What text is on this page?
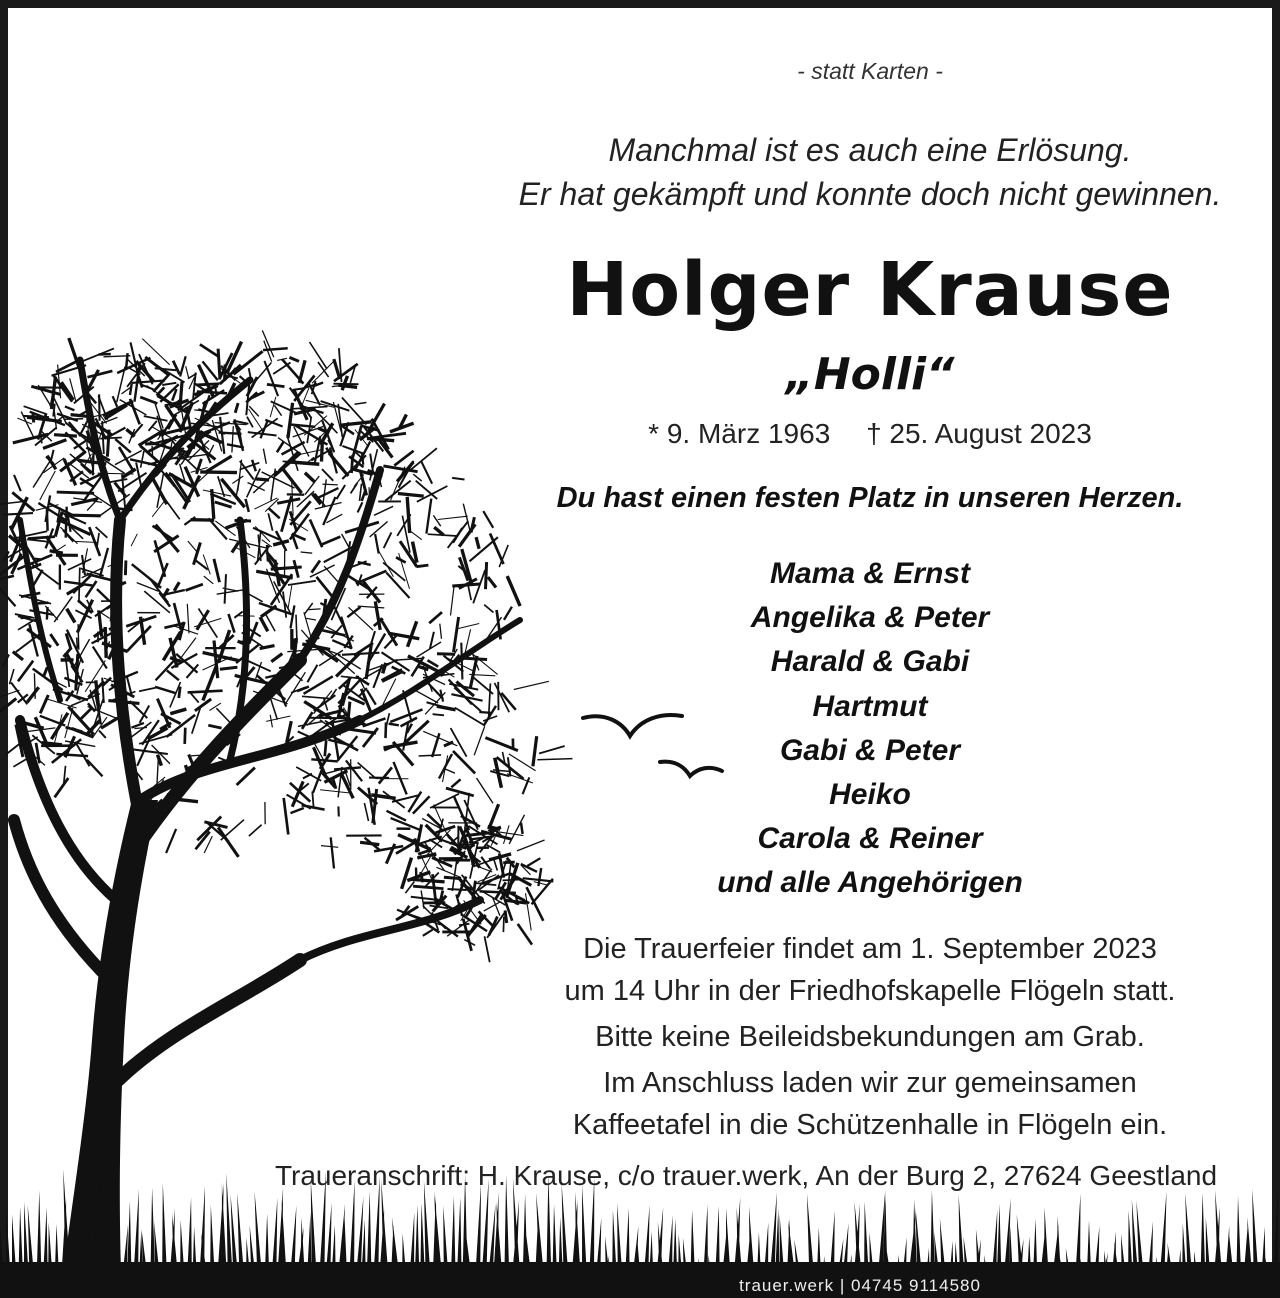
- statt Karten -
Manchmal ist es auch eine Erlösung.
Er hat gekämpft und konnte doch nicht gewinnen.
Holger Krause
„Holli“
* 9. März 1963 † 25. August 2023
Du hast einen festen Platz in unseren Herzen.
Mama & Ernst
Angelika & Peter
Harald & Gabi
Hartmut
Gabi & Peter
Heiko
Carola & Reiner
und alle Angehörigen
Die Trauerfeier findet am 1. September 2023
um 14 Uhr in der Friedhofskapelle Flögeln statt.
Bitte keine Beileidsbekundungen am Grab.
Im Anschluss laden wir zur gemeinsamen
Kaffeetafel in die Schützenhalle in Flögeln ein.
Traueranschrift: H. Krause, c/o trauer.werk, An der Burg 2, 27624 Geestland
trauer.werk | 04745 9114580
